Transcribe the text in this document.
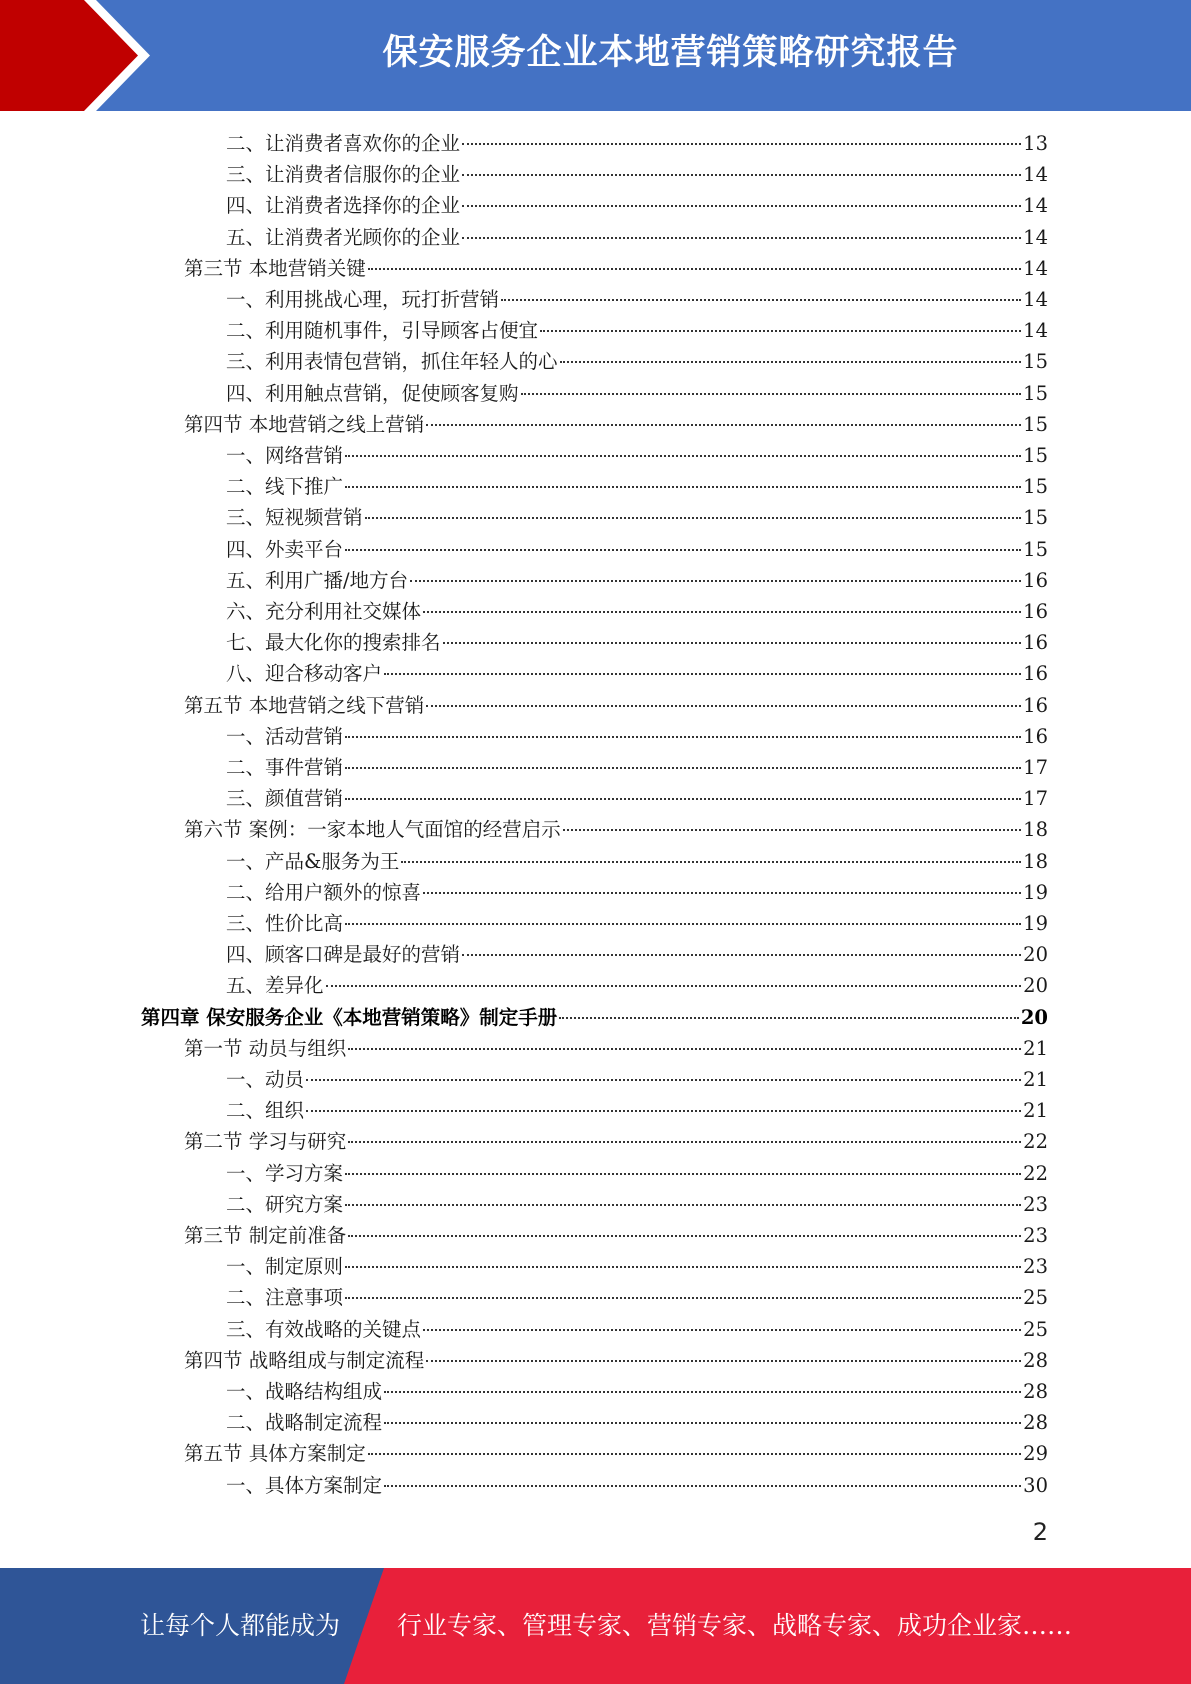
保安服务企业本地营销策略研究报告
二、让消费者喜欢你的企业	13
三、让消费者信服你的企业	14
四、让消费者选择你的企业	14
五、让消费者光顾你的企业	14
第三节 本地营销关键	14
一、利用挑战心理，玩打折营销	14
二、利用随机事件，引导顾客占便宜	14
三、利用表情包营销，抓住年轻人的心	15
四、利用触点营销，促使顾客复购	15
第四节 本地营销之线上营销	15
一、网络营销	15
二、线下推广	15
三、短视频营销	15
四、外卖平台	15
五、利用广播/地方台	16
六、充分利用社交媒体	16
七、最大化你的搜索排名	16
八、迎合移动客户	16
第五节 本地营销之线下营销	16
一、活动营销	16
二、事件营销	17
三、颜值营销	17
第六节 案例：一家本地人气面馆的经营启示	18
一、产品&服务为王	18
二、给用户额外的惊喜	19
三、性价比高	19
四、顾客口碑是最好的营销	20
五、差异化	20
第四章 保安服务企业《本地营销策略》制定手册	20
第一节 动员与组织	21
一、动员	21
二、组织	21
第二节 学习与研究	22
一、学习方案	22
二、研究方案	23
第三节 制定前准备	23
一、制定原则	23
二、注意事项	25
三、有效战略的关键点	25
第四节 战略组成与制定流程	28
一、战略结构组成	28
二、战略制定流程	28
第五节 具体方案制定	29
一、具体方案制定	30
2
让每个人都能成为 行业专家、管理专家、营销专家、战略专家、成功企业家……
